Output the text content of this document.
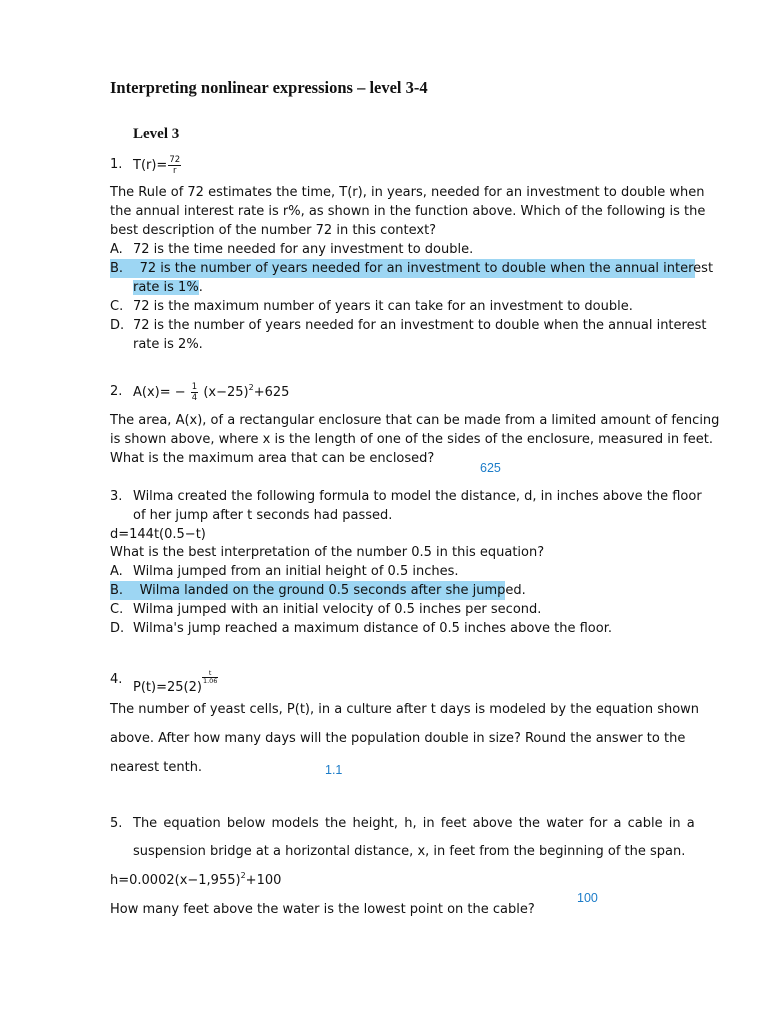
Interpreting nonlinear expressions – level 3-4
Level 3
1. $T(r)= \frac{72}{r}$
The Rule of 72 estimates the time, T(r), in years, needed for an investment to double when
the annual interest rate is r%, as shown in the function above. Which of the following is the
best description of the number 72 in this context?
A. 72 is the time needed for any investment to double.
B. 72 is the number of years needed for an investment to double when the annual interest
rate is 1%.
C. 72 is the maximum number of years it can take for an investment to double.
D. 72 is the number of years needed for an investment to double when the annual interest
rate is 2%.
2. $A(x)= - \frac{1}{4} (x-25)^2+625$
The area, A(x), of a rectangular enclosure that can be made from a limited amount of fencing
is shown above, where x is the length of one of the sides of the enclosure, measured in feet.
What is the maximum area that can be enclosed?
625
3. Wilma created the following formula to model the distance, d, in inches above the floor
of her jump after t seconds had passed.
d=144t(0.5−t)
What is the best interpretation of the number 0.5 in this equation?
A. Wilma jumped from an initial height of 0.5 inches.
B. Wilma landed on the ground 0.5 seconds after she jumped.
C. Wilma jumped with an initial velocity of 0.5 inches per second.
D. Wilma's jump reached a maximum distance of 0.5 inches above the floor.
4.
P(t)=25(2)
$\frac{t}{1.06}$
The number of yeast cells, P(t), in a culture after t days is modeled by the equation shown
above. After how many days will the population double in size? Round the answer to the
nearest tenth.	1.1
5. The equation below models the height, h, in feet above the water for a cable in a
suspension bridge at a horizontal distance, x, in feet from the beginning of the span.
$h=0.0002(x-1,955)^2+100$
100
How many feet above the water is the lowest point on the cable?
